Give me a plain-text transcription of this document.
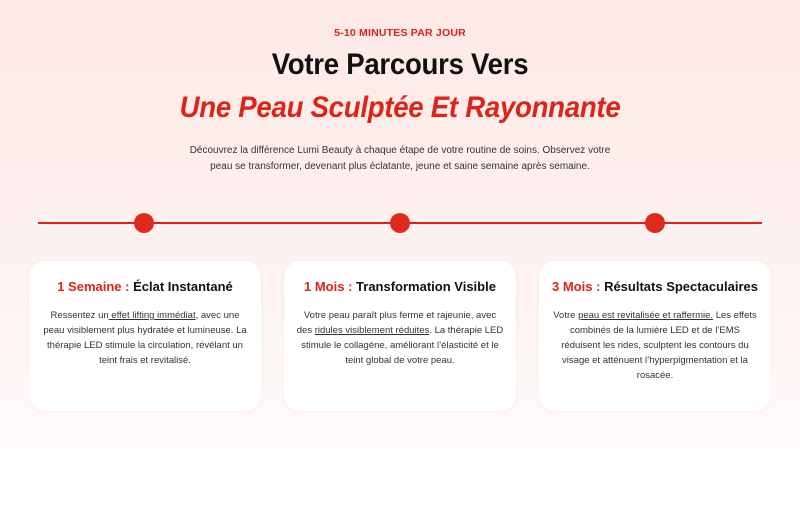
5-10 MINUTES PAR JOUR
Votre Parcours Vers
Une Peau Sculptée Et Rayonnante
Découvrez la différence Lumi Beauty à chaque étape de votre routine de soins. Observez votre peau se transformer, devenant plus éclatante, jeune et saine semaine après semaine.
1 Semaine : Éclat Instantané
Ressentez un effet lifting immédiat, avec une peau visiblement plus hydratée et lumineuse. La thérapie LED stimule la circulation, révélant un teint frais et revitalisé.
1 Mois : Transformation Visible
Votre peau paraît plus ferme et rajeunie, avec des ridules visiblement réduites. La thérapie LED stimule le collagène, améliorant l’élasticité et le teint global de votre peau.
3 Mois : Résultats Spectaculaires
Votre peau est revitalisée et raffermie. Les effets combinés de la lumière LED et de l’EMS réduisent les rides, sculptent les contours du visage et atténuent l’hyperpigmentation et la rosacée.
